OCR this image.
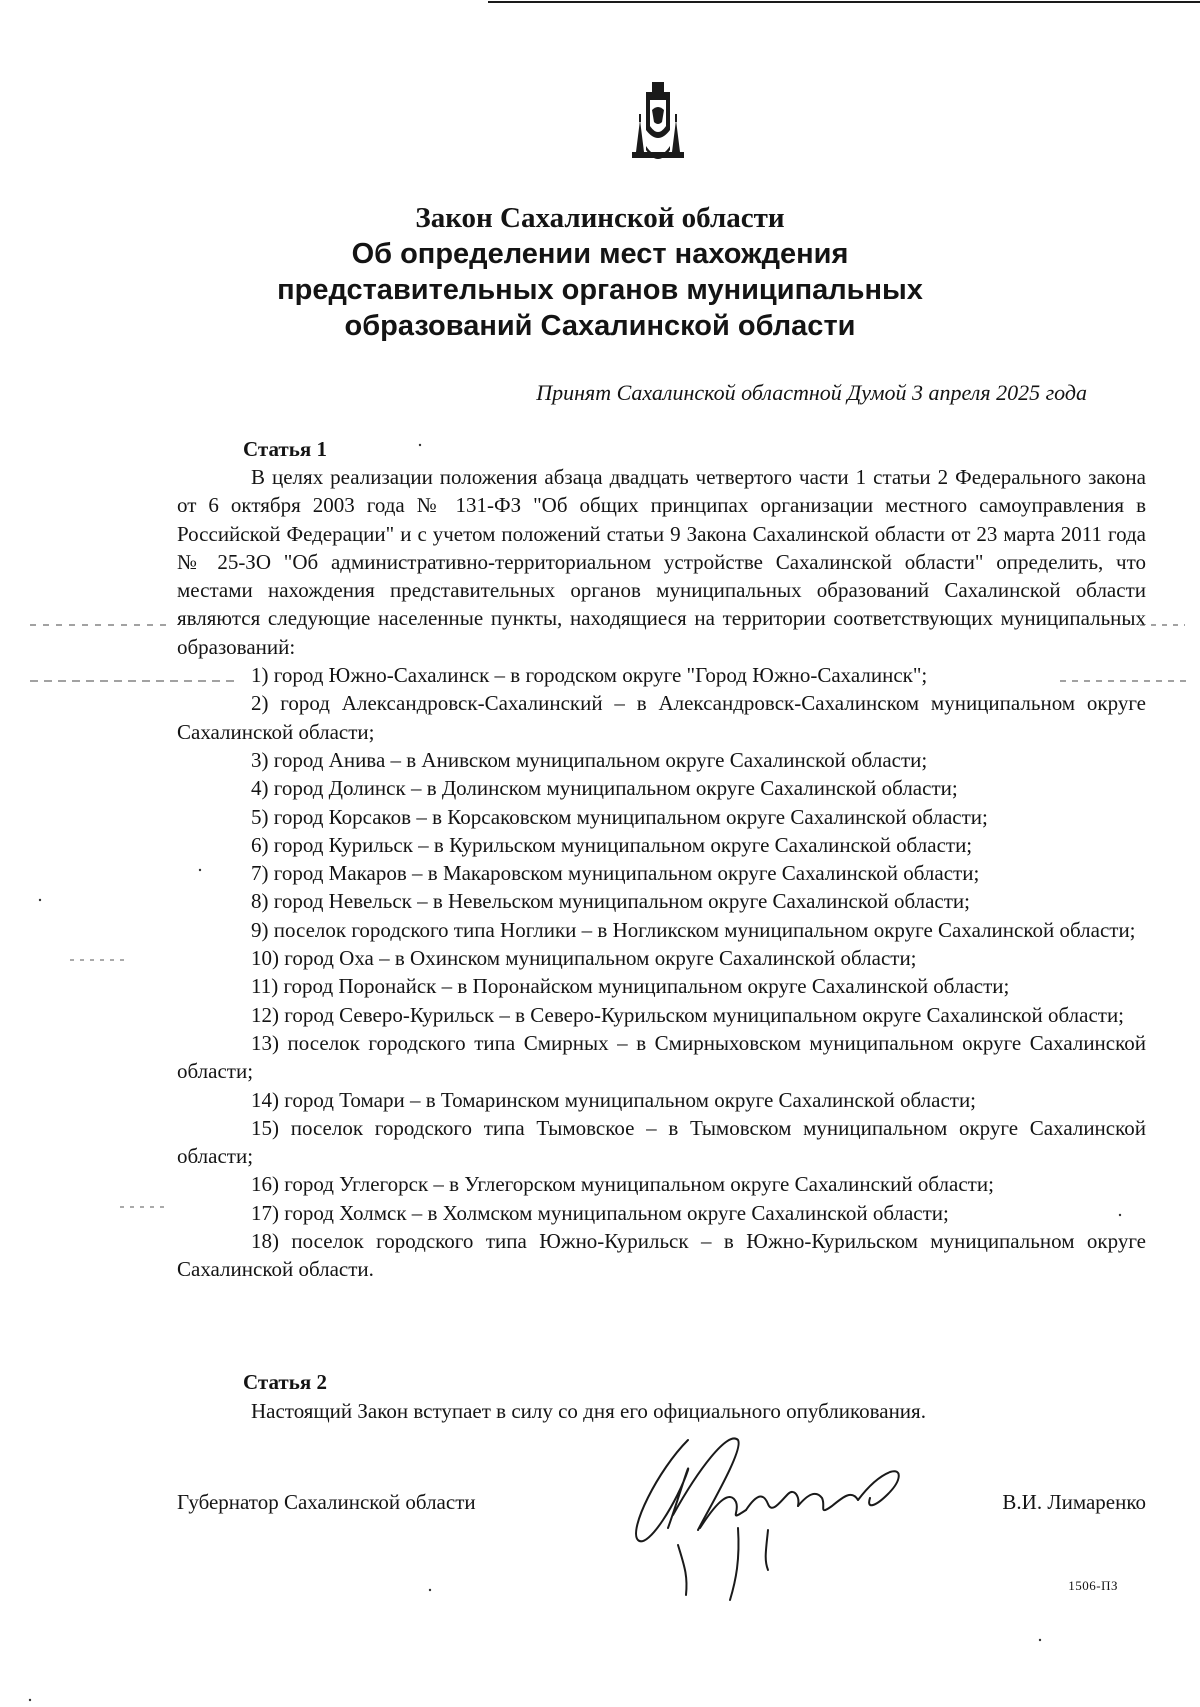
Закон Сахалинской области

Об определении мест нахождения

представительных органов муниципальных

образований Сахалинской области

Принят Сахалинской областной Думой 3 апреля 2025 года
Статья 1

В целях реализации положения абзаца двадцать четвертого части 1 статьи 2 Федерального закона от 6 октября 2003 года № 131-ФЗ "Об общих принципах организации местного самоуправления в Российской Федерации" и с учетом положений статьи 9 Закона Сахалинской области от 23 марта 2011 года № 25-ЗО "Об административно-территориальном устройстве Сахалинской области" определить, что местами нахождения представительных органов муниципальных образований Сахалинской области являются следующие населенные пункты, находящиеся на территории соответствующих муниципальных образований:

1) город Южно-Сахалинск – в городском округе "Город Южно-Сахалинск";

2) город Александровск-Сахалинский – в Александровск-Сахалинском муниципальном округе Сахалинской области;

3) город Анива – в Анивском муниципальном округе Сахалинской области;

4) город Долинск – в Долинском муниципальном округе Сахалинской области;

5) город Корсаков – в Корсаковском муниципальном округе Сахалинской области;

6) город Курильск – в Курильском муниципальном округе Сахалинской области;

7) город Макаров – в Макаровском муниципальном округе Сахалинской области;

8) город Невельск – в Невельском муниципальном округе Сахалинской области;

9) поселок городского типа Ноглики – в Ногликском муниципальном округе Сахалинской области;

10) город Оха – в Охинском муниципальном округе Сахалинской области;

11) город Поронайск – в Поронайском муниципальном округе Сахалинской области;

12) город Северо-Курильск – в Северо-Курильском муниципальном округе Сахалинской области;

13) поселок городского типа Смирных – в Смирныховском муниципальном округе Сахалинской области;

14) город Томари – в Томаринском муниципальном округе Сахалинской области;

15) поселок городского типа Тымовское – в Тымовском муниципальном округе Сахалинской области;

16) город Углегорск – в Углегорском муниципальном округе Сахалинский области;

17) город Холмск – в Холмском муниципальном округе Сахалинской области;

18) поселок городского типа Южно-Курильск – в Южно-Курильском муниципальном округе Сахалинской области.

Статья 2

Настоящий Закон вступает в силу со дня его официального опубликования.

Губернатор Сахалинской области	В.И. Лимаренко
1506-ПЗ
